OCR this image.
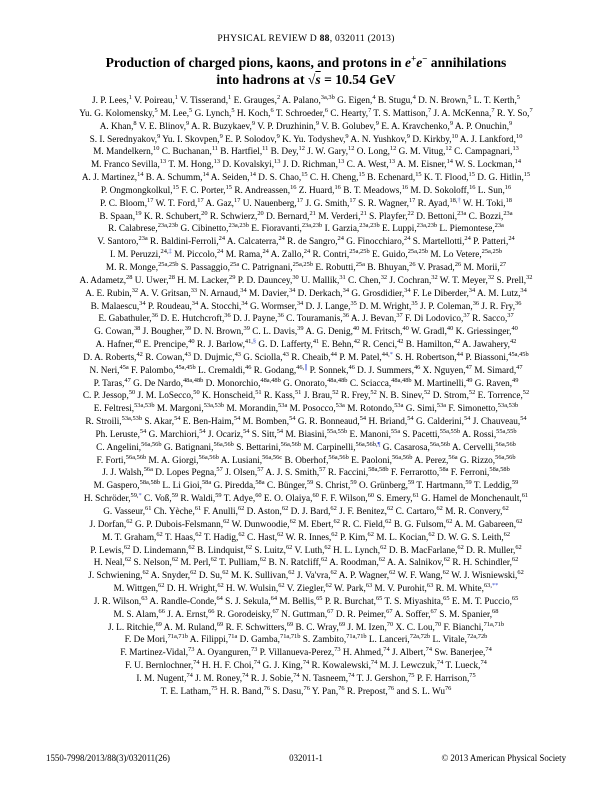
PHYSICAL REVIEW D 88, 032011 (2013)
Production of charged pions, kaons, and protons in e+e− annihilations
into hadrons at √s = 10.54 GeV
J. P. Lees,$^1$ V. Poireau,$^1$ V. Tisserand,$^1$ E. Grauges,$^2$ A. Palano,$^{3a,3b}$ G. Eigen,$^4$ B. Stugu,$^4$ D. N. Brown,$^5$ L. T. Kerth,$^5$
Yu. G. Kolomensky,$^5$ M. Lee,$^5$ G. Lynch,$^5$ H. Koch,$^6$ T. Schroeder,$^6$ C. Hearty,$^7$ T. S. Mattison,$^7$ J. A. McKenna,$^7$ R. Y. So,$^7$
A. Khan,$^8$ V. E. Blinov,$^9$ A. R. Buzykaev,$^9$ V. P. Druzhinin,$^9$ V. B. Golubev,$^9$ E. A. Kravchenko,$^9$ A. P. Onuchin,$^9$
S. I. Serednyakov,$^9$ Yu. I. Skovpen,$^9$ E. P. Solodov,$^9$ K. Yu. Todyshev,$^9$ A. N. Yushkov,$^9$ D. Kirkby,$^{10}$ A. J. Lankford,$^{10}$
M. Mandelkern,$^{10}$ C. Buchanan,$^{11}$ B. Hartfiel,$^{11}$ B. Dey,$^{12}$ J. W. Gary,$^{12}$ O. Long,$^{12}$ G. M. Vitug,$^{12}$ C. Campagnari,$^{13}$
M. Franco Sevilla,$^{13}$ T. M. Hong,$^{13}$ D. Kovalskyi,$^{13}$ J. D. Richman,$^{13}$ C. A. West,$^{13}$ A. M. Eisner,$^{14}$ W. S. Lockman,$^{14}$
A. J. Martinez,$^{14}$ B. A. Schumm,$^{14}$ A. Seiden,$^{14}$ D. S. Chao,$^{15}$ C. H. Cheng,$^{15}$ B. Echenard,$^{15}$ K. T. Flood,$^{15}$ D. G. Hitlin,$^{15}$
P. Ongmongkolkul,$^{15}$ F. C. Porter,$^{15}$ R. Andreassen,$^{16}$ Z. Huard,$^{16}$ B. T. Meadows,$^{16}$ M. D. Sokoloff,$^{16}$ L. Sun,$^{16}$
P. C. Bloom,$^{17}$ W. T. Ford,$^{17}$ A. Gaz,$^{17}$ U. Nauenberg,$^{17}$ J. G. Smith,$^{17}$ S. R. Wagner,$^{17}$ R. Ayad,$^{18,\dagger}$ W. H. Toki,$^{18}$
B. Spaan,$^{19}$ K. R. Schubert,$^{20}$ R. Schwierz,$^{20}$ D. Bernard,$^{21}$ M. Verderi,$^{21}$ S. Playfer,$^{22}$ D. Bettoni,$^{23a}$ C. Bozzi,$^{23a}$
R. Calabrese,$^{23a,23b}$ G. Cibinetto,$^{23a,23b}$ E. Fioravanti,$^{23a,23b}$ I. Garzia,$^{23a,23b}$ E. Luppi,$^{23a,23b}$ L. Piemontese,$^{23a}$
V. Santoro,$^{23a}$ R. Baldini-Ferroli,$^{24}$ A. Calcaterra,$^{24}$ R. de Sangro,$^{24}$ G. Finocchiaro,$^{24}$ S. Martellotti,$^{24}$ P. Patteri,$^{24}$
I. M. Peruzzi,$^{24,\ddagger}$ M. Piccolo,$^{24}$ M. Rama,$^{24}$ A. Zallo,$^{24}$ R. Contri,$^{25a,25b}$ E. Guido,$^{25a,25b}$ M. Lo Vetere,$^{25a,25b}$
M. R. Monge,$^{25a,25b}$ S. Passaggio,$^{25a}$ C. Patrignani,$^{25a,25b}$ E. Robutti,$^{25a}$ B. Bhuyan,$^{26}$ V. Prasad,$^{26}$ M. Morii,$^{27}$
A. Adametz,$^{28}$ U. Uwer,$^{28}$ H. M. Lacker,$^{29}$ P. D. Dauncey,$^{30}$ U. Mallik,$^{31}$ C. Chen,$^{32}$ J. Cochran,$^{32}$ W. T. Meyer,$^{32}$ S. Prell,$^{32}$
A. E. Rubin,$^{32}$ A. V. Gritsan,$^{33}$ N. Arnaud,$^{34}$ M. Davier,$^{34}$ D. Derkach,$^{34}$ G. Grosdidier,$^{34}$ F. Le Diberder,$^{34}$ A. M. Lutz,$^{34}$
B. Malaescu,$^{34}$ P. Roudeau,$^{34}$ A. Stocchi,$^{34}$ G. Wormser,$^{34}$ D. J. Lange,$^{35}$ D. M. Wright,$^{35}$ J. P. Coleman,$^{36}$ J. R. Fry,$^{36}$
E. Gabathuler,$^{36}$ D. E. Hutchcroft,$^{36}$ D. J. Payne,$^{36}$ C. Touramanis,$^{36}$ A. J. Bevan,$^{37}$ F. Di Lodovico,$^{37}$ R. Sacco,$^{37}$
G. Cowan,$^{38}$ J. Bougher,$^{39}$ D. N. Brown,$^{39}$ C. L. Davis,$^{39}$ A. G. Denig,$^{40}$ M. Fritsch,$^{40}$ W. Gradl,$^{40}$ K. Griessinger,$^{40}$
A. Hafner,$^{40}$ E. Prencipe,$^{40}$ R. J. Barlow,$^{41,\S}$ G. D. Lafferty,$^{41}$ E. Behn,$^{42}$ R. Cenci,$^{42}$ B. Hamilton,$^{42}$ A. Jawahery,$^{42}$
D. A. Roberts,$^{42}$ R. Cowan,$^{43}$ D. Dujmic,$^{43}$ G. Sciolla,$^{43}$ R. Cheaib,$^{44}$ P. M. Patel,$^{44,*}$ S. H. Robertson,$^{44}$ P. Biassoni,$^{45a,45b}$
N. Neri,$^{45a}$ F. Palombo,$^{45a,45b}$ L. Cremaldi,$^{46}$ R. Godang,$^{46,\parallel}$ P. Sonnek,$^{46}$ D. J. Summers,$^{46}$ X. Nguyen,$^{47}$ M. Simard,$^{47}$
P. Taras,$^{47}$ G. De Nardo,$^{48a,48b}$ D. Monorchio,$^{48a,48b}$ G. Onorato,$^{48a,48b}$ C. Sciacca,$^{48a,48b}$ M. Martinelli,$^{49}$ G. Raven,$^{49}$
C. P. Jessop,$^{50}$ J. M. LoSecco,$^{50}$ K. Honscheid,$^{51}$ R. Kass,$^{51}$ J. Brau,$^{52}$ R. Frey,$^{52}$ N. B. Sinev,$^{52}$ D. Strom,$^{52}$ E. Torrence,$^{52}$
E. Feltresi,$^{53a,53b}$ M. Margoni,$^{53a,53b}$ M. Morandin,$^{53a}$ M. Posocco,$^{53a}$ M. Rotondo,$^{53a}$ G. Simi,$^{53a}$ F. Simonetto,$^{53a,53b}$
R. Stroili,$^{53a,53b}$ S. Akar,$^{54}$ E. Ben-Haim,$^{54}$ M. Bomben,$^{54}$ G. R. Bonneaud,$^{54}$ H. Briand,$^{54}$ G. Calderini,$^{54}$ J. Chauveau,$^{54}$
Ph. Leruste,$^{54}$ G. Marchiori,$^{54}$ J. Ocariz,$^{54}$ S. Sitt,$^{54}$ M. Biasini,$^{55a,55b}$ E. Manoni,$^{55a}$ S. Pacetti,$^{55a,55b}$ A. Rossi,$^{55a,55b}$
C. Angelini,$^{56a,56b}$ G. Batignani,$^{56a,56b}$ S. Bettarini,$^{56a,56b}$ M. Carpinelli,$^{56a,56b,\P}$ G. Casarosa,$^{56a,56b}$ A. Cervelli,$^{56a,56b}$
F. Forti,$^{56a,56b}$ M. A. Giorgi,$^{56a,56b}$ A. Lusiani,$^{56a,56c}$ B. Oberhof,$^{56a,56b}$ E. Paoloni,$^{56a,56b}$ A. Perez,$^{56a}$ G. Rizzo,$^{56a,56b}$
J. J. Walsh,$^{56a}$ D. Lopes Pegna,$^{57}$ J. Olsen,$^{57}$ A. J. S. Smith,$^{57}$ R. Faccini,$^{58a,58b}$ F. Ferrarotto,$^{58a}$ F. Ferroni,$^{58a,58b}$
M. Gaspero,$^{58a,58b}$ L. Li Gioi,$^{58a}$ G. Piredda,$^{58a}$ C. Bünger,$^{59}$ S. Christ,$^{59}$ O. Grünberg,$^{59}$ T. Hartmann,$^{59}$ T. Leddig,$^{59}$
H. Schröder,$^{59,*}$ C. Voß,$^{59}$ R. Waldi,$^{59}$ T. Adye,$^{60}$ E. O. Olaiya,$^{60}$ F. F. Wilson,$^{60}$ S. Emery,$^{61}$ G. Hamel de Monchenault,$^{61}$
G. Vasseur,$^{61}$ Ch. Yèche,$^{61}$ F. Anulli,$^{62}$ D. Aston,$^{62}$ D. J. Bard,$^{62}$ J. F. Benitez,$^{62}$ C. Cartaro,$^{62}$ M. R. Convery,$^{62}$
J. Dorfan,$^{62}$ G. P. Dubois-Felsmann,$^{62}$ W. Dunwoodie,$^{62}$ M. Ebert,$^{62}$ R. C. Field,$^{62}$ B. G. Fulsom,$^{62}$ A. M. Gabareen,$^{62}$
M. T. Graham,$^{62}$ T. Haas,$^{62}$ T. Hadig,$^{62}$ C. Hast,$^{62}$ W. R. Innes,$^{62}$ P. Kim,$^{62}$ M. L. Kocian,$^{62}$ D. W. G. S. Leith,$^{62}$
P. Lewis,$^{62}$ D. Lindemann,$^{62}$ B. Lindquist,$^{62}$ S. Luitz,$^{62}$ V. Luth,$^{62}$ H. L. Lynch,$^{62}$ D. B. MacFarlane,$^{62}$ D. R. Muller,$^{62}$
H. Neal,$^{62}$ S. Nelson,$^{62}$ M. Perl,$^{62}$ T. Pulliam,$^{62}$ B. N. Ratcliff,$^{62}$ A. Roodman,$^{62}$ A. A. Salnikov,$^{62}$ R. H. Schindler,$^{62}$
J. Schwiening,$^{62}$ A. Snyder,$^{62}$ D. Su,$^{62}$ M. K. Sullivan,$^{62}$ J. Va'vra,$^{62}$ A. P. Wagner,$^{62}$ W. F. Wang,$^{62}$ W. J. Wisniewski,$^{62}$
M. Wittgen,$^{62}$ D. H. Wright,$^{62}$ H. W. Wulsin,$^{62}$ V. Ziegler,$^{62}$ W. Park,$^{63}$ M. V. Purohit,$^{63}$ R. M. White,$^{63,**}$
J. R. Wilson,$^{63}$ A. Randle-Conde,$^{64}$ S. J. Sekula,$^{64}$ M. Bellis,$^{65}$ P. R. Burchat,$^{65}$ T. S. Miyashita,$^{65}$ E. M. T. Puccio,$^{65}$
M. S. Alam,$^{66}$ J. A. Ernst,$^{66}$ R. Gorodeisky,$^{67}$ N. Guttman,$^{67}$ D. R. Peimer,$^{67}$ A. Soffer,$^{67}$ S. M. Spanier,$^{68}$
J. L. Ritchie,$^{69}$ A. M. Ruland,$^{69}$ R. F. Schwitters,$^{69}$ B. C. Wray,$^{69}$ J. M. Izen,$^{70}$ X. C. Lou,$^{70}$ F. Bianchi,$^{71a,71b}$
F. De Mori,$^{71a,71b}$ A. Filippi,$^{71a}$ D. Gamba,$^{71a,71b}$ S. Zambito,$^{71a,71b}$ L. Lanceri,$^{72a,72b}$ L. Vitale,$^{72a,72b}$
F. Martinez-Vidal,$^{73}$ A. Oyanguren,$^{73}$ P. Villanueva-Perez,$^{73}$ H. Ahmed,$^{74}$ J. Albert,$^{74}$ Sw. Banerjee,$^{74}$
F. U. Bernlochner,$^{74}$ H. H. F. Choi,$^{74}$ G. J. King,$^{74}$ R. Kowalewski,$^{74}$ M. J. Lewczuk,$^{74}$ T. Lueck,$^{74}$
I. M. Nugent,$^{74}$ J. M. Roney,$^{74}$ R. J. Sobie,$^{74}$ N. Tasneem,$^{74}$ T. J. Gershon,$^{75}$ P. F. Harrison,$^{75}$
T. E. Latham,$^{75}$ H. R. Band,$^{76}$ S. Dasu,$^{76}$ Y. Pan,$^{76}$ R. Prepost,$^{76}$ and S. L. Wu$^{76}$
1550-7998/2013/88(3)/032011(26)	032011-1	© 2013 American Physical Society
